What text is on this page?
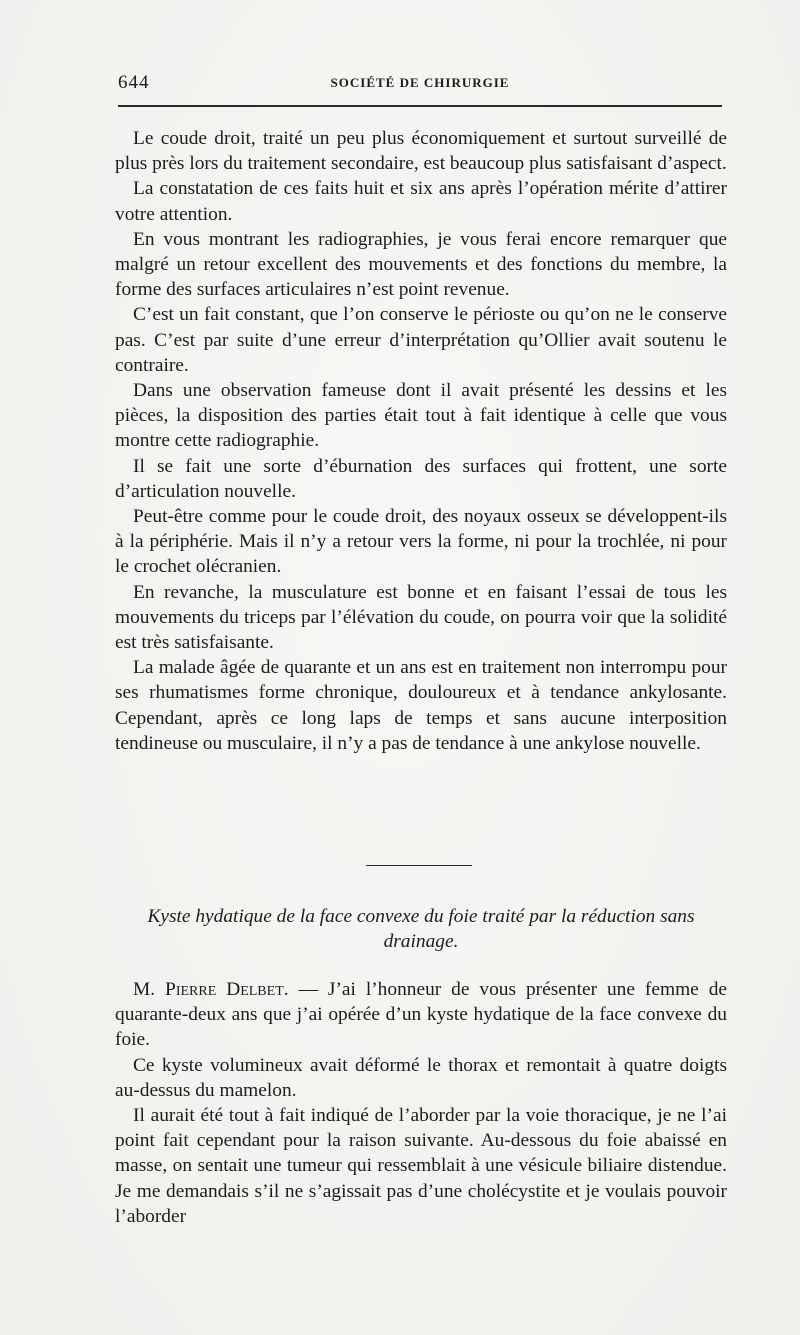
644	SOCIÉTÉ DE CHIRURGIE

Le coude droit, traité un peu plus économiquement et surtout surveillé de plus près lors du traitement secondaire, est beaucoup plus satisfaisant d’aspect.

La constatation de ces faits huit et six ans après l’opération mérite d’attirer votre attention.

En vous montrant les radiographies, je vous ferai encore remarquer que malgré un retour excellent des mouvements et des fonctions du membre, la forme des surfaces articulaires n’est point revenue.

C’est un fait constant, que l’on conserve le périoste ou qu’on ne le conserve pas. C’est par suite d’une erreur d’interprétation qu’Ollier avait soutenu le contraire.

Dans une observation fameuse dont il avait présenté les dessins et les pièces, la disposition des parties était tout à fait identique à celle que vous montre cette radiographie.

Il se fait une sorte d’éburnation des surfaces qui frottent, une sorte d’articulation nouvelle.

Peut-être comme pour le coude droit, des noyaux osseux se développent-ils à la périphérie. Mais il n’y a retour vers la forme, ni pour la trochlée, ni pour le crochet olécranien.

En revanche, la musculature est bonne et en faisant l’essai de tous les mouvements du triceps par l’élévation du coude, on pourra voir que la solidité est très satisfaisante.

La malade âgée de quarante et un ans est en traitement non interrompu pour ses rhumatismes forme chronique, douloureux et à tendance ankylosante. Cependant, après ce long laps de temps et sans aucune interposition tendineuse ou musculaire, il n’y a pas de tendance à une ankylose nouvelle.

Kyste hydatique de la face convexe du foie traité par la réduction sans drainage.

M. Pierre Delbet. — J’ai l’honneur de vous présenter une femme de quarante-deux ans que j’ai opérée d’un kyste hydatique de la face convexe du foie.

Ce kyste volumineux avait déformé le thorax et remontait à quatre doigts au-dessus du mamelon.

Il aurait été tout à fait indiqué de l’aborder par la voie thoracique, je ne l’ai point fait cependant pour la raison suivante. Au-dessous du foie abaissé en masse, on sentait une tumeur qui ressemblait à une vésicule biliaire distendue. Je me demandais s’il ne s’agissait pas d’une cholécystite et je voulais pouvoir l’aborder
